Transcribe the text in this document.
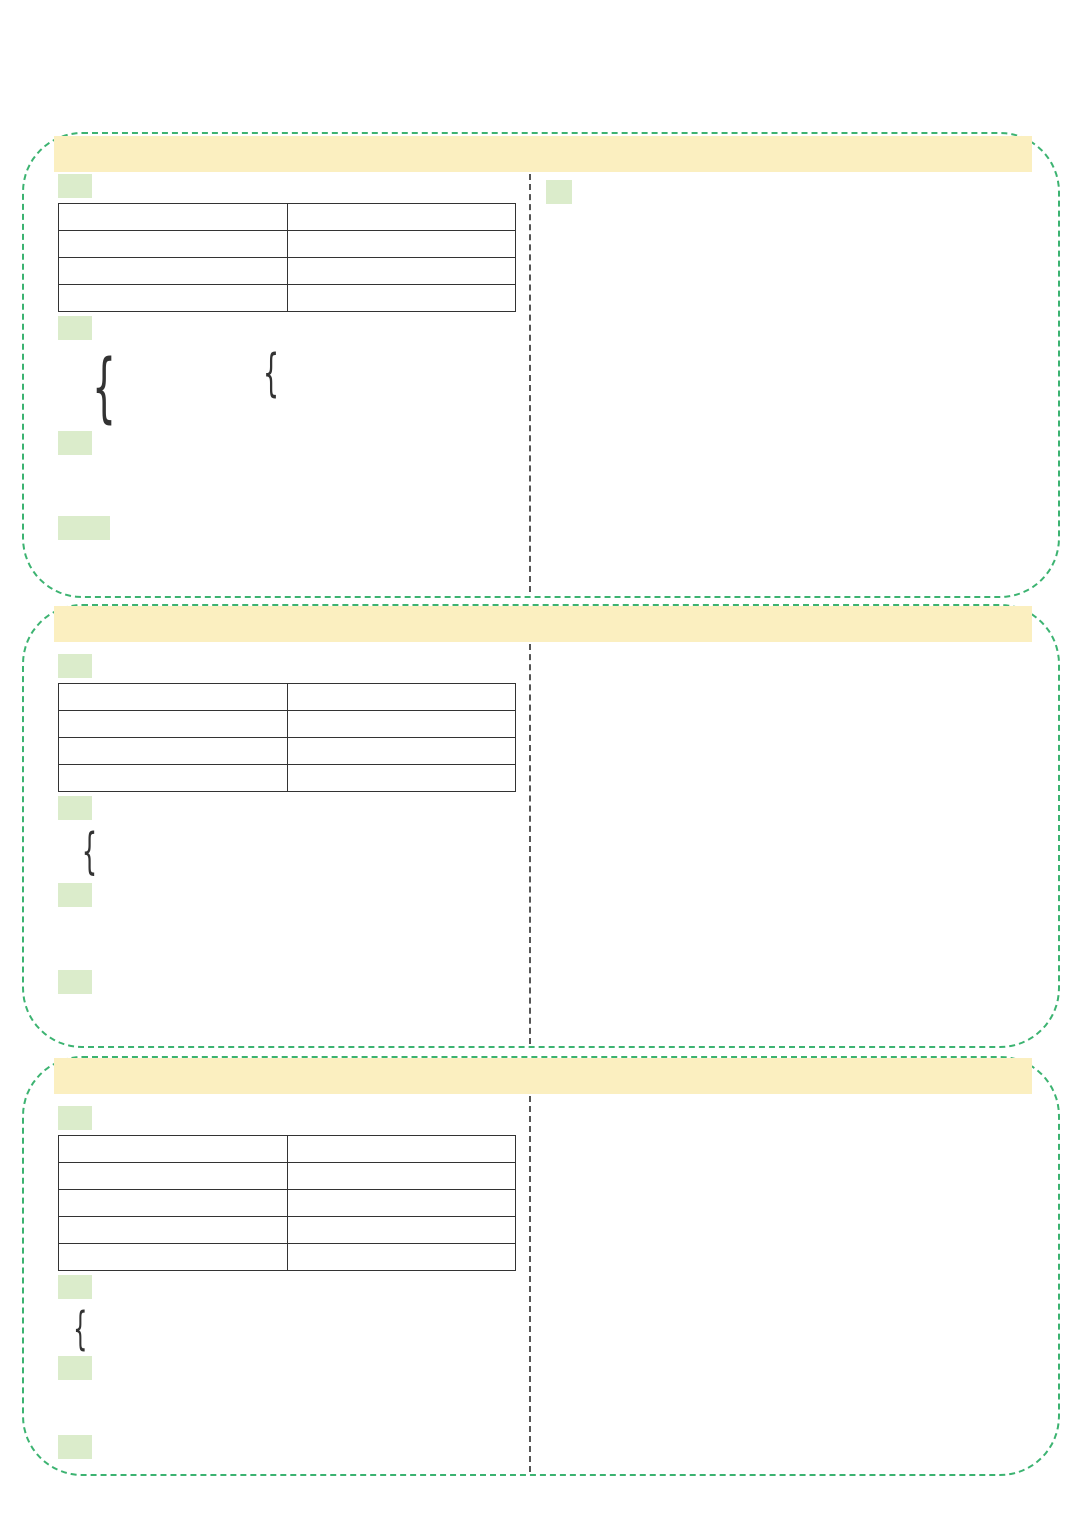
{	{

{

{
